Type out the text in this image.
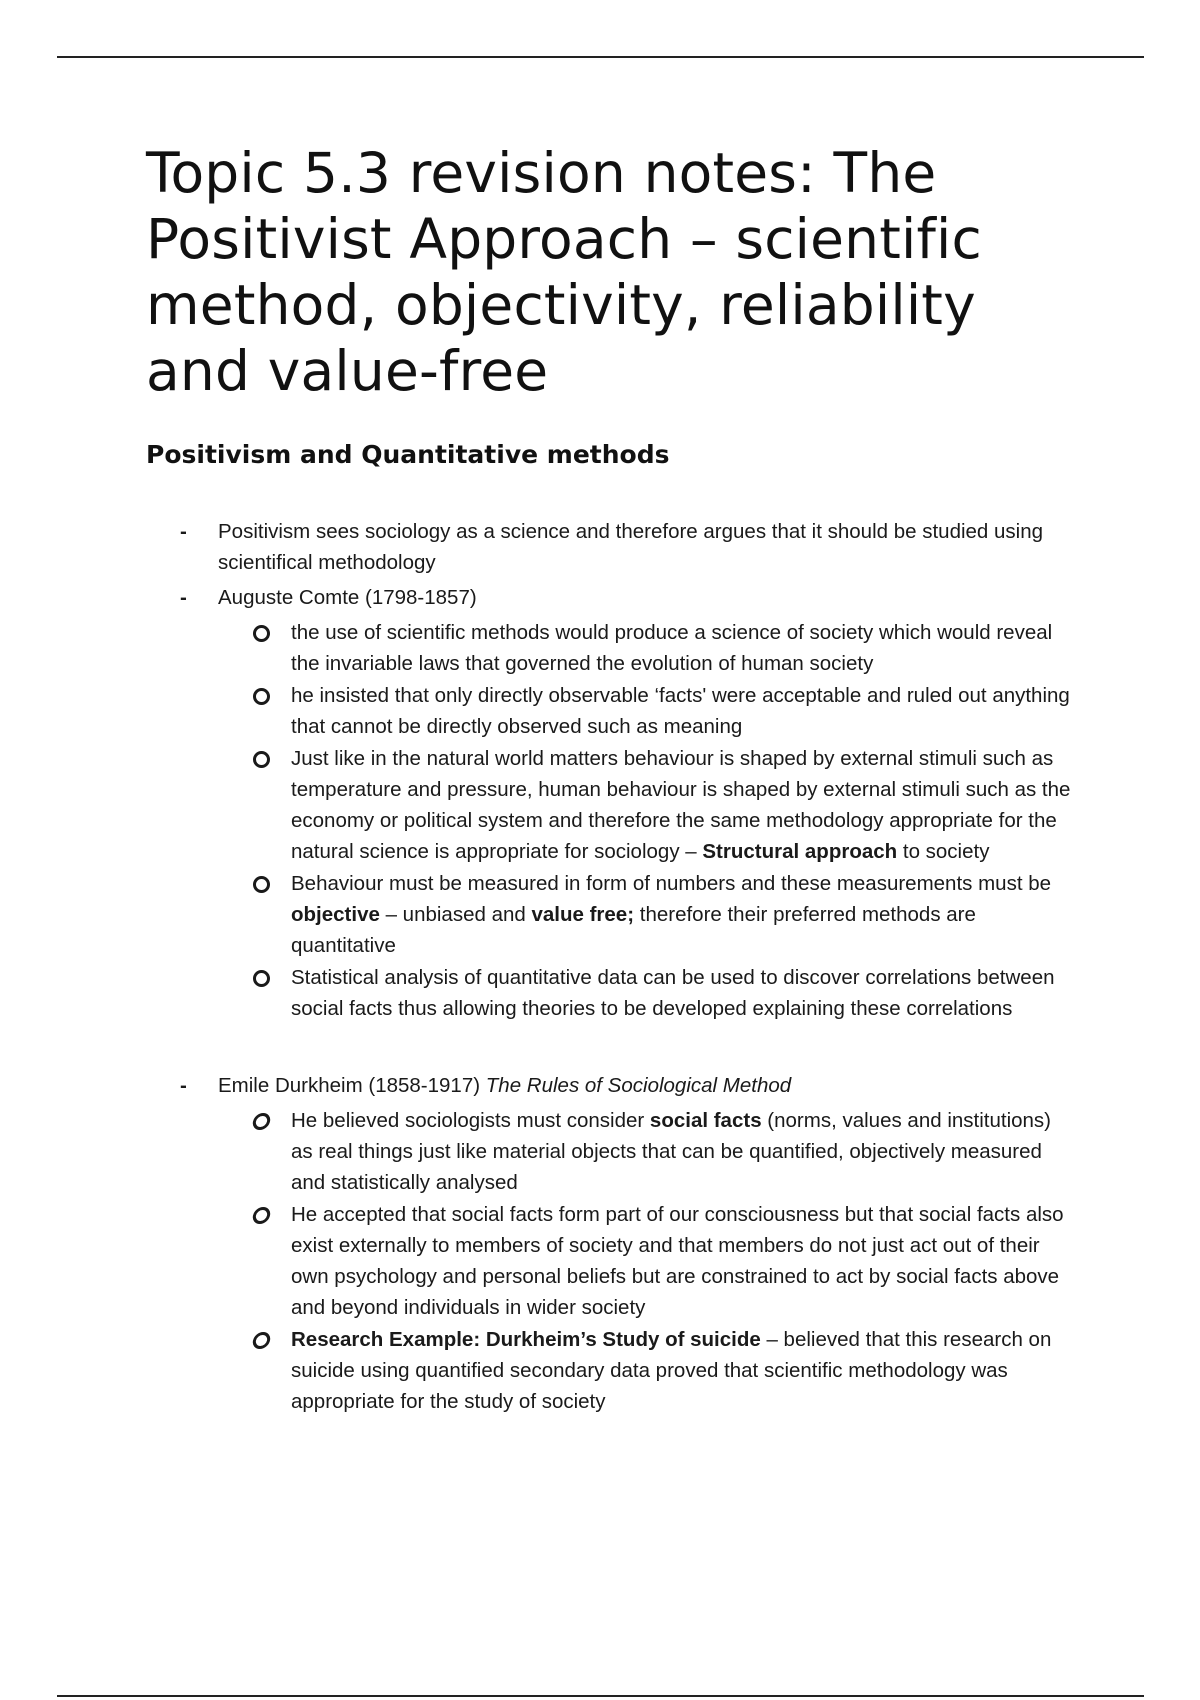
Topic 5.3 revision notes: The Positivist Approach – scientific method, objectivity, reliability and value-free
Positivism and Quantitative methods
-	Positivism sees sociology as a science and therefore argues that it should be studied using scientifical methodology
-	Auguste Comte (1798-1857)
the use of scientific methods would produce a science of society which would reveal the invariable laws that governed the evolution of human society
he insisted that only directly observable ‘facts' were acceptable and ruled out anything that cannot be directly observed such as meaning
Just like in the natural world matters behaviour is shaped by external stimuli such as temperature and pressure, human behaviour is shaped by external stimuli such as the economy or political system and therefore the same methodology appropriate for the natural science is appropriate for sociology – Structural approach to society
Behaviour must be measured in form of numbers and these measurements must be objective – unbiased and value free; therefore their preferred methods are quantitative
Statistical analysis of quantitative data can be used to discover correlations between social facts thus allowing theories to be developed explaining these correlations
-	Emile Durkheim (1858-1917) The Rules of Sociological Method
He believed sociologists must consider social facts (norms, values and institutions) as real things just like material objects that can be quantified, objectively measured and statistically analysed
He accepted that social facts form part of our consciousness but that social facts also exist externally to members of society and that members do not just act out of their own psychology and personal beliefs but are constrained to act by social facts above and beyond individuals in wider society
Research Example: Durkheim’s Study of suicide – believed that this research on suicide using quantified secondary data proved that scientific methodology was appropriate for the study of society
